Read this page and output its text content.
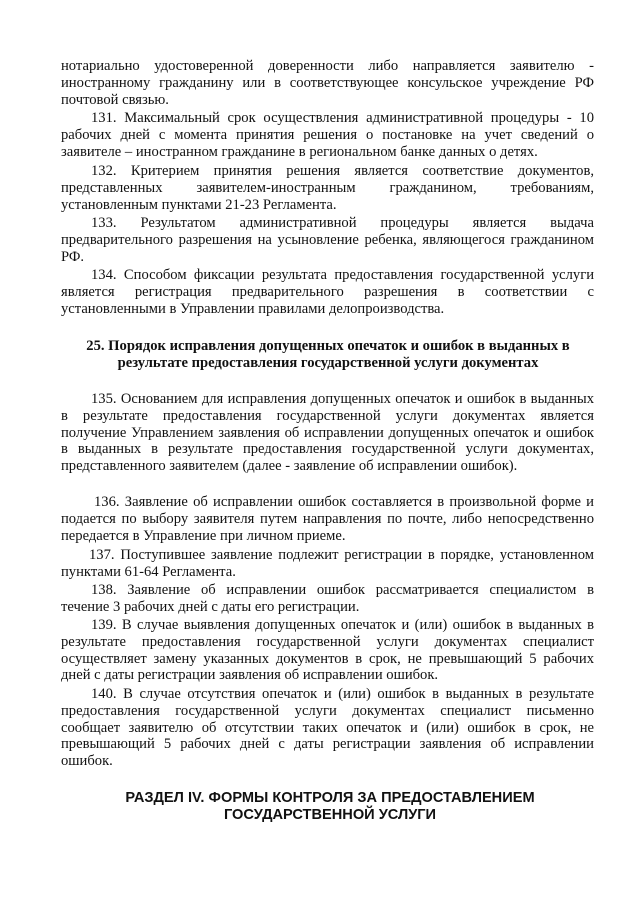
нотариально удостоверенной доверенности либо направляется заявителю - иностранному гражданину или в соответствующее консульское учреждение РФ почтовой связью.

131. Максимальный срок осуществления административной процедуры - 10 рабочих дней с момента принятия решения о постановке на учет сведений о заявителе – иностранном гражданине в региональном банке данных о детях.

132. Критерием принятия решения является соответствие документов, представленных заявителем-иностранным гражданином, требованиям, установленным пунктами 21-23 Регламента.

133. Результатом административной процедуры является выдача предварительного разрешения на усыновление ребенка, являющегося гражданином РФ.

134. Способом фиксации результата предоставления государственной услуги является регистрация предварительного разрешения в соответствии с установленными в Управлении правилами делопроизводства.

25. Порядок исправления допущенных опечаток и ошибок в выданных в результате предоставления государственной услуги документах

135. Основанием для исправления допущенных опечаток и ошибок в выданных в результате предоставления государственной услуги документах является получение Управлением заявления об исправлении допущенных опечаток и ошибок в выданных в результате предоставления государственной услуги документах, представленного заявителем (далее - заявление об исправлении ошибок).

136. Заявление об исправлении ошибок составляется в произвольной форме и подается по выбору заявителя путем направления по почте, либо непосредственно передается в Управление при личном приеме.

137. Поступившее заявление подлежит регистрации в порядке, установленном пунктами 61-64 Регламента.

138. Заявление об исправлении ошибок рассматривается специалистом в течение 3 рабочих дней с даты его регистрации.

139. В случае выявления допущенных опечаток и (или) ошибок в выданных в результате предоставления государственной услуги документах специалист осуществляет замену указанных документов в срок, не превышающий 5 рабочих дней с даты регистрации заявления об исправлении ошибок.

140. В случае отсутствия опечаток и (или) ошибок в выданных в результате предоставления государственной услуги документах специалист письменно сообщает заявителю об отсутствии таких опечаток и (или) ошибок в срок, не превышающий 5 рабочих дней с даты регистрации заявления об исправлении ошибок.

РАЗДЕЛ IV. ФОРМЫ КОНТРОЛЯ ЗА ПРЕДОСТАВЛЕНИЕМ ГОСУДАРСТВЕННОЙ УСЛУГИ
